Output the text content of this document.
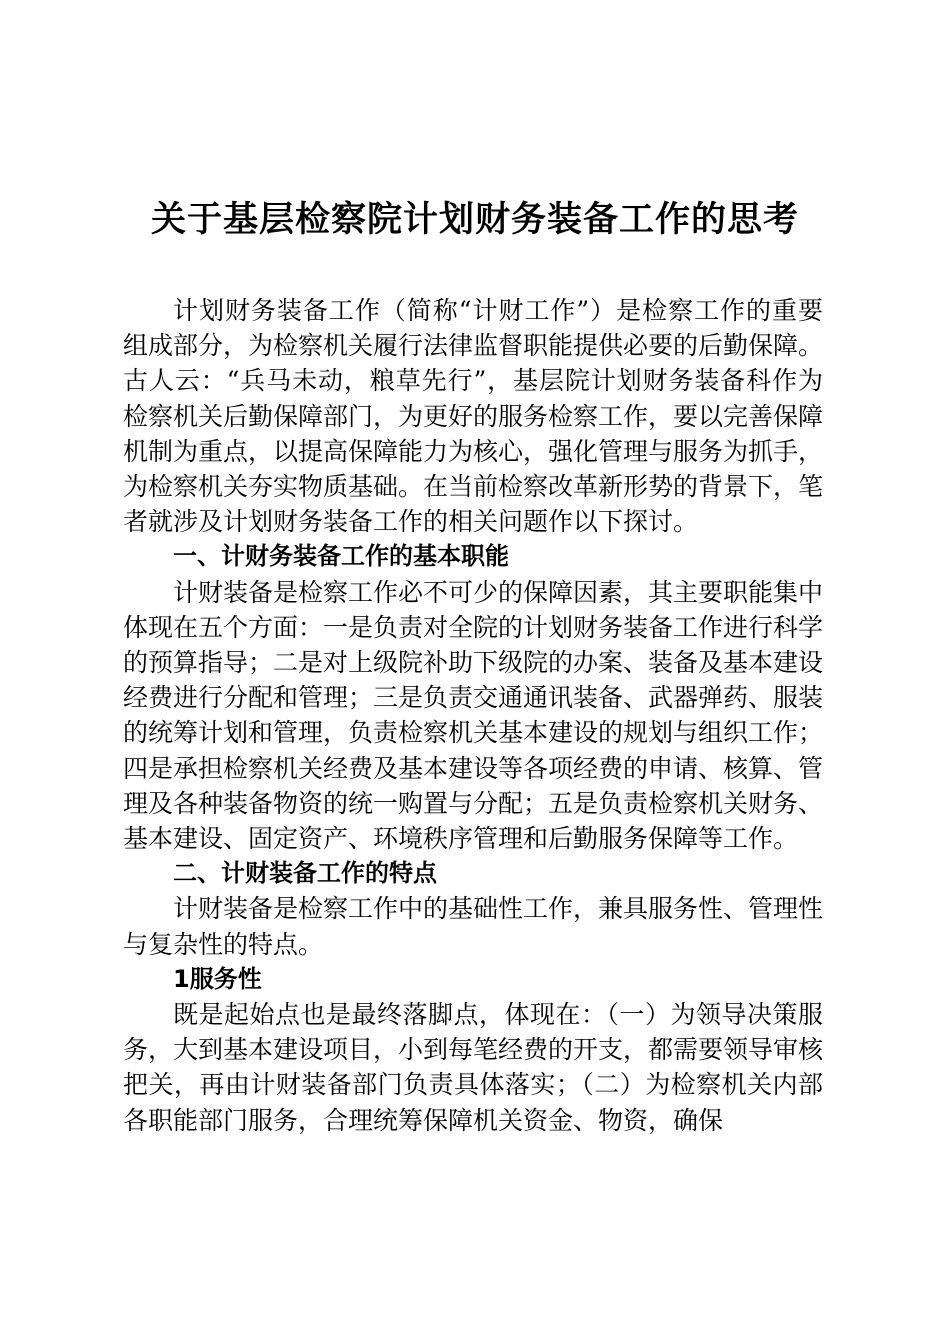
关于基层检察院计划财务装备工作的思考

计划财务装备工作（简称“计财工作”）是检察工作的重要组成部分，为检察机关履行法律监督职能提供必要的后勤保障。古人云：“兵马未动，粮草先行”，基层院计划财务装备科作为检察机关后勤保障部门，为更好的服务检察工作，要以完善保障机制为重点，以提高保障能力为核心，强化管理与服务为抓手，为检察机关夯实物质基础。在当前检察改革新形势的背景下，笔者就涉及计划财务装备工作的相关问题作以下探讨。

一、计财务装备工作的基本职能

计财装备是检察工作必不可少的保障因素，其主要职能集中体现在五个方面：一是负责对全院的计划财务装备工作进行科学的预算指导；二是对上级院补助下级院的办案、装备及基本建设经费进行分配和管理；三是负责交通通讯装备、武器弹药、服装的统筹计划和管理，负责检察机关基本建设的规划与组织工作；四是承担检察机关经费及基本建设等各项经费的申请、核算、管理及各种装备物资的统一购置与分配；五是负责检察机关财务、基本建设、固定资产、环境秩序管理和后勤服务保障等工作。

二、计财装备工作的特点

计财装备是检察工作中的基础性工作，兼具服务性、管理性与复杂性的特点。

1服务性

既是起始点也是最终落脚点，体现在：（一）为领导决策服务，大到基本建设项目，小到每笔经费的开支，都需要领导审核把关，再由计财装备部门负责具体落实；（二）为检察机关内部各职能部门服务，合理统筹保障机关资金、物资，确保
